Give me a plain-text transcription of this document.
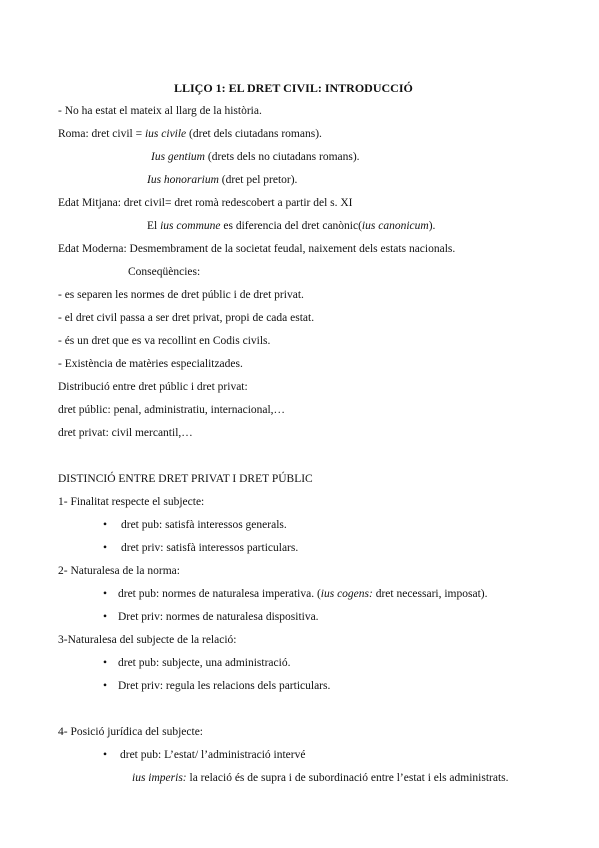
LLIÇO 1: EL DRET CIVIL: INTRODUCCIÓ
- No ha estat el mateix al llarg de la història.
Roma: dret civil = ius civile (dret dels ciutadans romans).
Ius gentium (drets dels no ciutadans romans).
Ius honorarium (dret pel pretor).
Edat Mitjana: dret civil= dret romà redescobert a partir del s. XI
El ius commune es diferencia del dret canònic(ius canonicum).
Edat Moderna: Desmembrament de la societat feudal, naixement dels estats nacionals.
Conseqüències:
- es separen les normes de dret públic i de dret privat.
- el dret civil passa a ser dret privat, propi de cada estat.
- és un dret que es va recollint en Codis civils.
- Existència de matèries especialitzades.
Distribució entre dret públic i dret privat:
dret públic: penal, administratiu, internacional,…
dret privat: civil mercantil,…
DISTINCIÓ ENTRE DRET PRIVAT I DRET PÚBLIC
1- Finalitat respecte el subjecte:
• dret pub: satisfà interessos generals.
• dret priv: satisfà interessos particulars.
2- Naturalesa de la norma:
• dret pub: normes de naturalesa imperativa. (ius cogens: dret necessari, imposat).
• Dret priv: normes de naturalesa dispositiva.
3-Naturalesa del subjecte de la relació:
• dret pub: subjecte, una administració.
• Dret priv: regula les relacions dels particulars.
4- Posició jurídica del subjecte:
• dret pub: L’estat/ l’administració intervé
ius imperis: la relació és de supra i de subordinació entre l’estat i els administrats.
